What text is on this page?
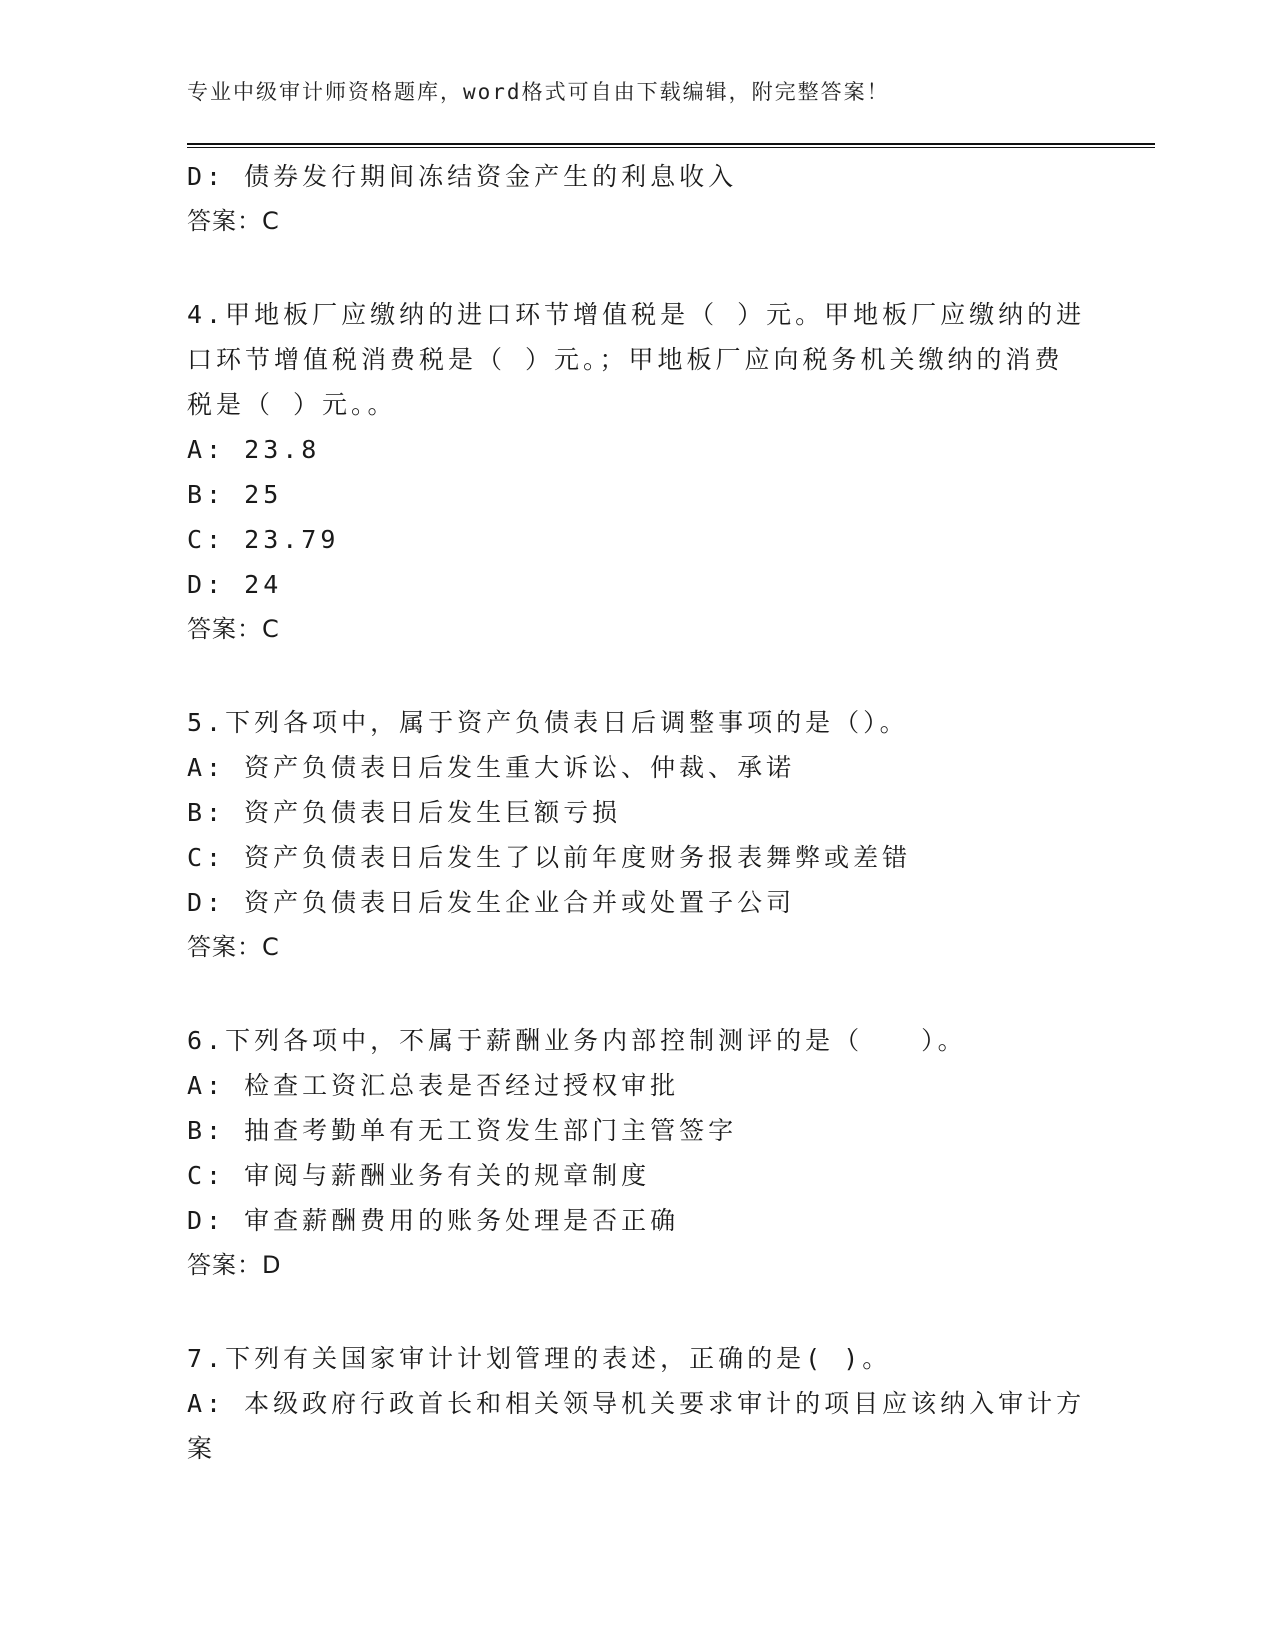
专业中级审计师资格题库，word格式可自由下载编辑，附完整答案！
D: 债券发行期间冻结资金产生的利息收入
答案：C
4.甲地板厂应缴纳的进口环节增值税是（ ）元。甲地板厂应缴纳的进
口环节增值税消费税是（ ）元。；甲地板厂应向税务机关缴纳的消费
税是（ ）元。。
A: 23.8
B: 25
C: 23.79
D: 24
答案：C
5.下列各项中，属于资产负债表日后调整事项的是（）。
A: 资产负债表日后发生重大诉讼、仲裁、承诺
B: 资产负债表日后发生巨额亏损
C: 资产负债表日后发生了以前年度财务报表舞弊或差错
D: 资产负债表日后发生企业合并或处置子公司
答案：C
6.下列各项中，不属于薪酬业务内部控制测评的是（　　）。
A: 检查工资汇总表是否经过授权审批
B: 抽查考勤单有无工资发生部门主管签字
C: 审阅与薪酬业务有关的规章制度
D: 审查薪酬费用的账务处理是否正确
答案：D
7.下列有关国家审计计划管理的表述，正确的是( )。
A: 本级政府行政首长和相关领导机关要求审计的项目应该纳入审计方
案
